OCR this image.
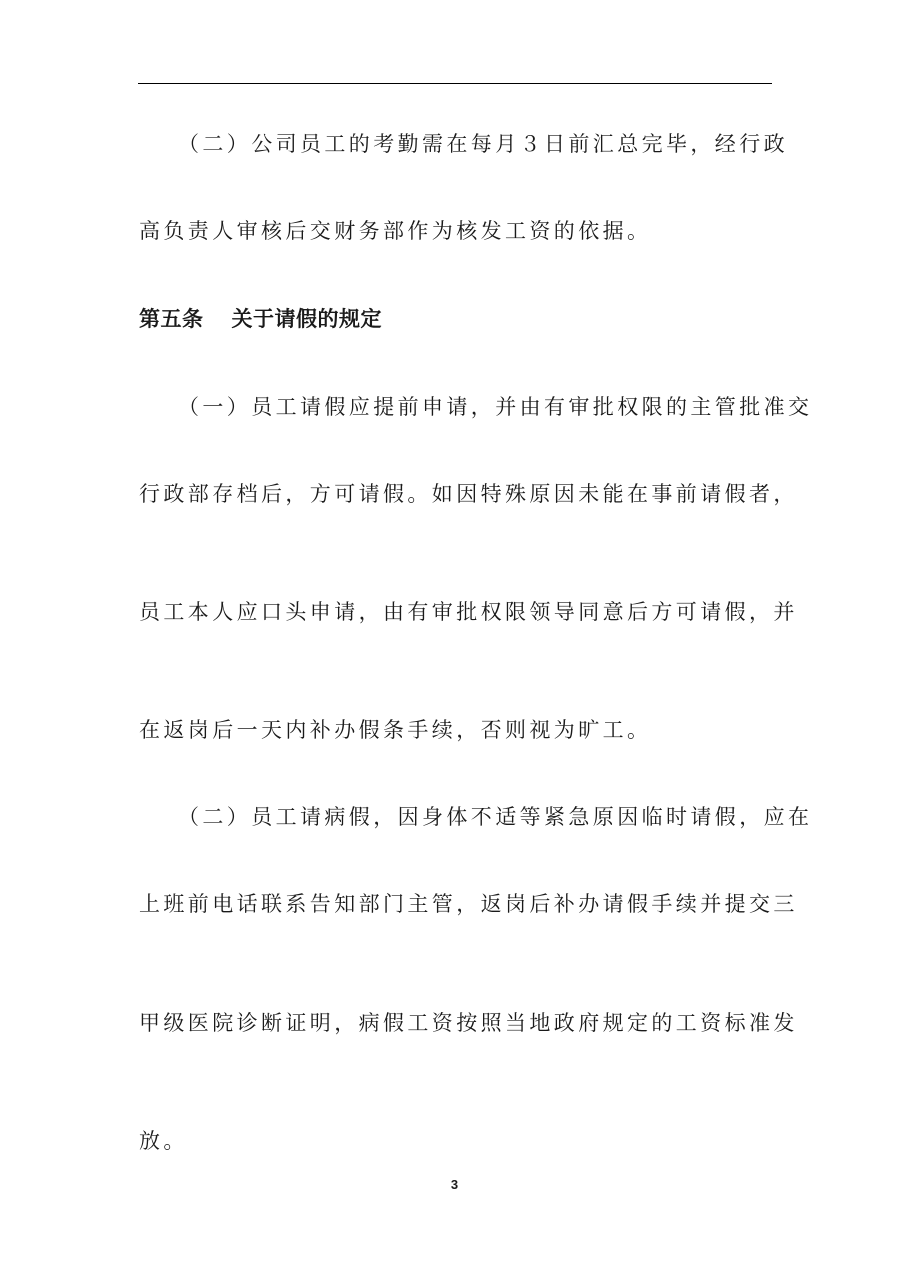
（二）公司员工的考勤需在每月３日前汇总完毕，经行政
高负责人审核后交财务部作为核发工资的依据。
第五条 关于请假的规定
（一）员工请假应提前申请，并由有审批权限的主管批准交
行政部存档后，方可请假。如因特殊原因未能在事前请假者，
员工本人应口头申请，由有审批权限领导同意后方可请假，并
在返岗后一天内补办假条手续，否则视为旷工。
（二）员工请病假，因身体不适等紧急原因临时请假，应在
上班前电话联系告知部门主管，返岗后补办请假手续并提交三
甲级医院诊断证明，病假工资按照当地政府规定的工资标准发
放。
3
